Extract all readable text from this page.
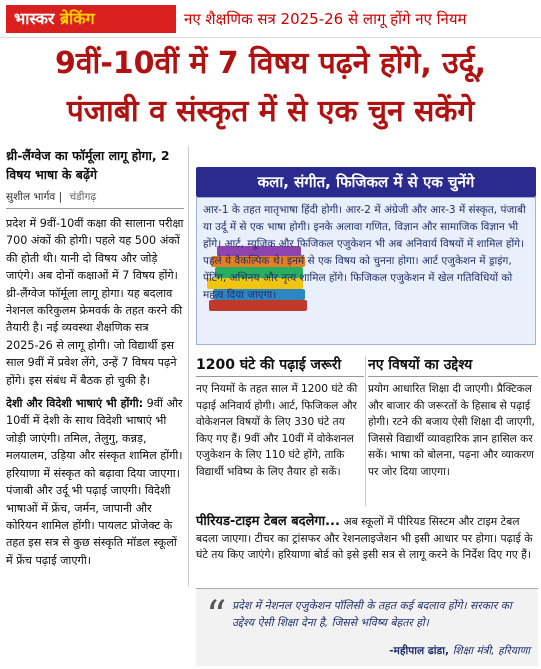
भास्कर ब्रेकिंग	नए शैक्षणिक सत्र 2025-26 से लागू होंगे नए नियम
9वीं-10वीं में 7 विषय पढ़ने होंगे, उर्दू,
पंजाबी व संस्कृत में से एक चुन सकेंगे
थ्री-लैंग्वेज का फॉर्मूला लागू होगा, 2 विषय भाषा के बढ़ेंगे
सुशील भार्गव | चंडीगढ़
प्रदेश में 9वीं-10वीं कक्षा की सालाना परीक्षा 700 अंकों की होगी। पहले यह 500 अंकों की होती थी। यानी दो विषय और जोड़े जाएंगे। अब दोनों कक्षाओं में 7 विषय होंगे। थ्री-लैंग्वेज फॉर्मूला लागू होगा। यह बदलाव नेशनल करिकुलम फ्रेमवर्क के तहत करने की तैयारी है। नई व्यवस्था शैक्षणिक सत्र 2025-26 से लागू होगी। जो विद्यार्थी इस साल 9वीं में प्रवेश लेंगे, उन्हें 7 विषय पढ़ने होंगे। इस संबंध में बैठक हो चुकी है।
देशी और विदेशी भाषाएं भी होंगी: 9वीं और 10वीं में देशी के साथ विदेशी भाषाएं भी जोड़ी जाएंगी। तमिल, तेलुगु, कन्नड़, मलयालम, उड़िया और संस्कृत शामिल होंगी। हरियाणा में संस्कृत को बढ़ावा दिया जाएगा। पंजाबी और उर्दू भी पढ़ाई जाएगी। विदेशी भाषाओं में फ्रेंच, जर्मन, जापानी और कोरियन शामिल होंगी। पायलट प्रोजेक्ट के तहत इस सत्र से कुछ संस्कृति मॉडल स्कूलों में फ्रेंच पढ़ाई जाएगी।
कला, संगीत, फिजिकल में से एक चुनेंगे
आर-1 के तहत मातृभाषा हिंदी होगी। आर-2 में अंग्रेजी और आर-3 में संस्कृत, पंजाबी या उर्दू में से एक भाषा होगी। इनके अलावा गणित, विज्ञान और सामाजिक विज्ञान भी होंगे। आर्ट, म्यूजिक और फिजिकल एजुकेशन भी अब अनिवार्य विषयों में शामिल होंगे। पहले ये वैकल्पिक थे। इनमें से एक विषय को चुनना होगा। आर्ट एजुकेशन में ड्राइंग, पेंटिंग, अभिनय और नृत्य शामिल होंगे। फिजिकल एजुकेशन में खेल गतिविधियों को महत्व दिया जाएगा।
1200 घंटे की पढ़ाई जरूरी
नए नियमों के तहत साल में 1200 घंटे की पढ़ाई अनिवार्य होगी। आर्ट, फिजिकल और वोकेशनल विषयों के लिए 330 घंटे तय किए गए हैं। 9वीं और 10वीं में वोकेशनल एजुकेशन के लिए 110 घंटे होंगे, ताकि विद्यार्थी भविष्य के लिए तैयार हो सकें।
नए विषयों का उद्देश्य
प्रयोग आधारित शिक्षा दी जाएगी। प्रैक्टिकल और बाजार की जरूरतों के हिसाब से पढ़ाई होगी। रटने की बजाय ऐसी शिक्षा दी जाएगी, जिससे विद्यार्थी व्यावहारिक ज्ञान हासिल कर सकें। भाषा को बोलना, पढ़ना और व्याकरण पर जोर दिया जाएगा।
पीरियड-टाइम टेबल बदलेगा... अब स्कूलों में पीरियड सिस्टम और टाइम टेबल बदला जाएगा। टीचर का ट्रांसफर और रेशनलाइजेशन भी इसी आधार पर होगा। पढ़ाई के घंटे तय किए जाएंगे। हरियाणा बोर्ड को इसे इसी सत्र से लागू करने के निर्देश दिए गए हैं।
“ प्रदेश में नेशनल एजुकेशन पॉलिसी के तहत कई बदलाव होंगे। सरकार का उद्देश्य ऐसी शिक्षा देना है, जिससे भविष्य बेहतर हो।
-महीपाल ढांडा, शिक्षा मंत्री, हरियाणा
